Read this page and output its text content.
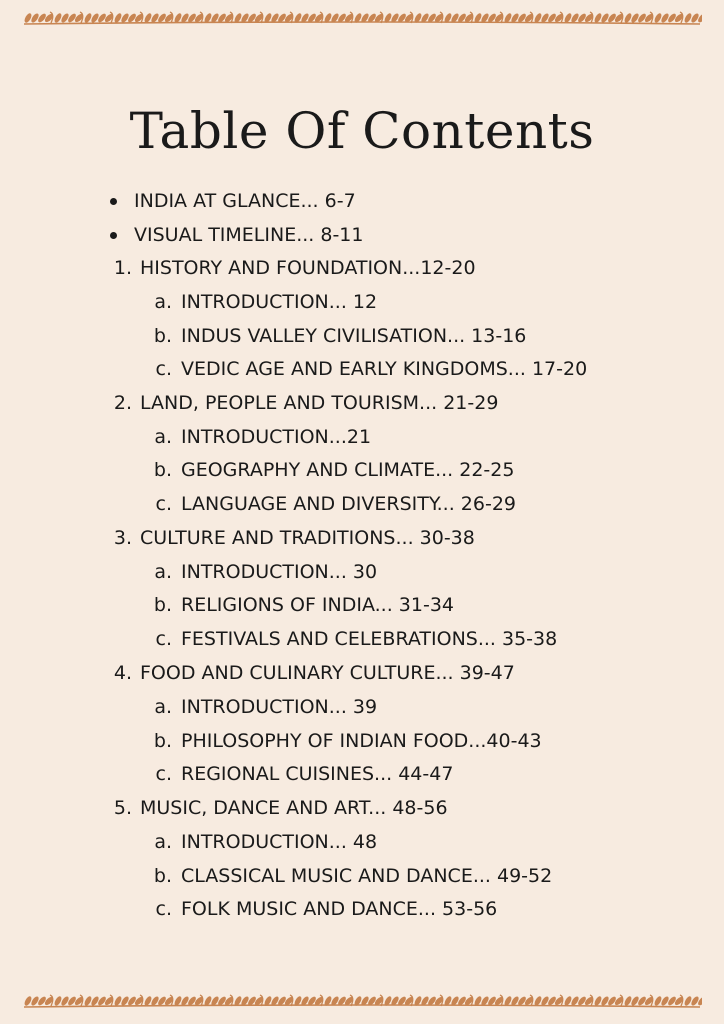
Table Of Contents
INDIA AT GLANCE... 6-7
VISUAL TIMELINE... 8-11
1. HISTORY AND FOUNDATION...12-20
a. INTRODUCTION... 12
b. INDUS VALLEY CIVILISATION... 13-16
c. VEDIC AGE AND EARLY KINGDOMS... 17-20
2. LAND, PEOPLE AND TOURISM... 21-29
a. INTRODUCTION...21
b. GEOGRAPHY AND CLIMATE... 22-25
c. LANGUAGE AND DIVERSITY... 26-29
3. CULTURE AND TRADITIONS... 30-38
a. INTRODUCTION... 30
b. RELIGIONS OF INDIA... 31-34
c. FESTIVALS AND CELEBRATIONS... 35-38
4. FOOD AND CULINARY CULTURE... 39-47
a. INTRODUCTION... 39
b. PHILOSOPHY OF INDIAN FOOD...40-43
c. REGIONAL CUISINES... 44-47
5. MUSIC, DANCE AND ART... 48-56
a. INTRODUCTION... 48
b. CLASSICAL MUSIC AND DANCE... 49-52
c. FOLK MUSIC AND DANCE... 53-56
